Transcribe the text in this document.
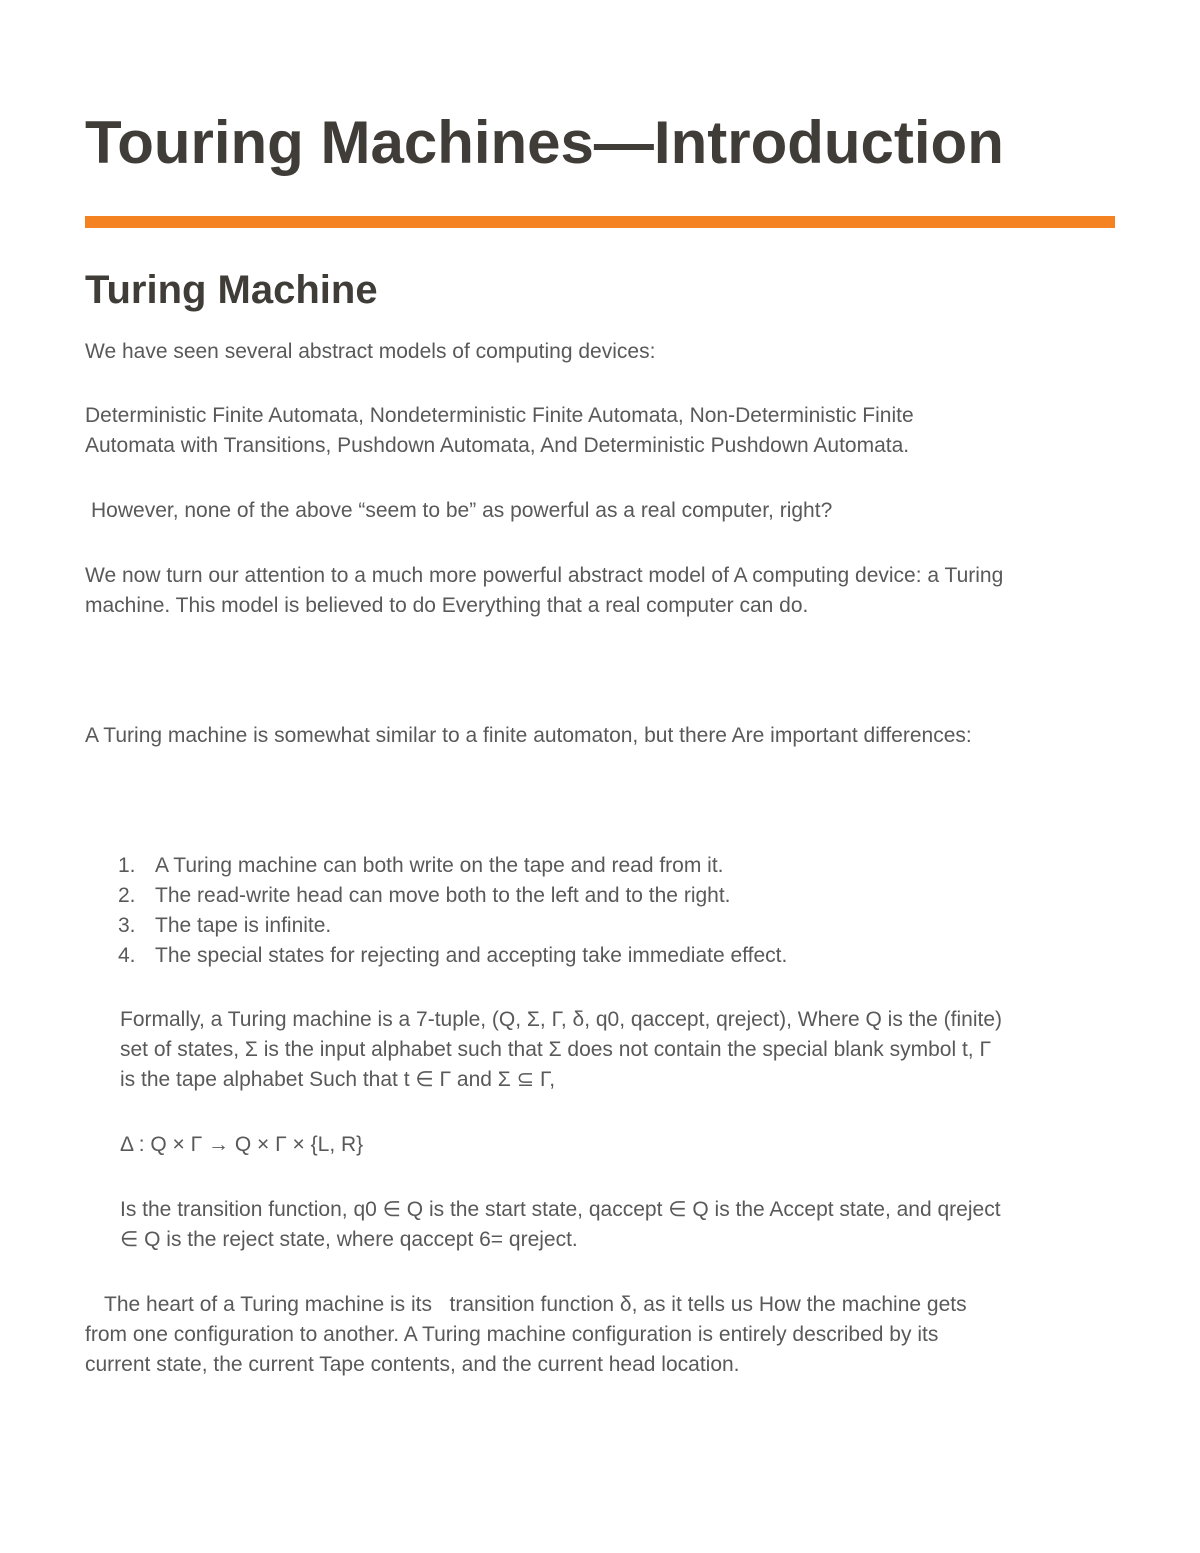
Touring Machines—Introduction
Turing Machine

We have seen several abstract models of computing devices:

Deterministic Finite Automata, Nondeterministic Finite Automata, Non-Deterministic Finite
Automata with Transitions, Pushdown Automata, And Deterministic Pushdown Automata.

However, none of the above “seem to be” as powerful as a real computer, right?

We now turn our attention to a much more powerful abstract model of A computing device: a Turing
machine. This model is believed to do Everything that a real computer can do.

A Turing machine is somewhat similar to a finite automaton, but there Are important differences:

1. A Turing machine can both write on the tape and read from it.
2. The read-write head can move both to the left and to the right.
3. The tape is infinite.
4. The special states for rejecting and accepting take immediate effect.

Formally, a Turing machine is a 7-tuple, (Q, Σ, Γ, δ, q0, qaccept, qreject), Where Q is the (finite)
set of states, Σ is the input alphabet such that Σ does not contain the special blank symbol t, Γ
is the tape alphabet Such that t ∈ Γ and Σ ⊆ Γ,

Δ : Q × Γ → Q × Γ × {L, R}

Is the transition function, q0 ∈ Q is the start state, qaccept ∈ Q is the Accept state, and qreject
∈ Q is the reject state, where qaccept 6= qreject.

The heart of a Turing machine is its   transition function δ, as it tells us How the machine gets
from one configuration to another. A Turing machine configuration is entirely described by its
current state, the current Tape contents, and the current head location.
